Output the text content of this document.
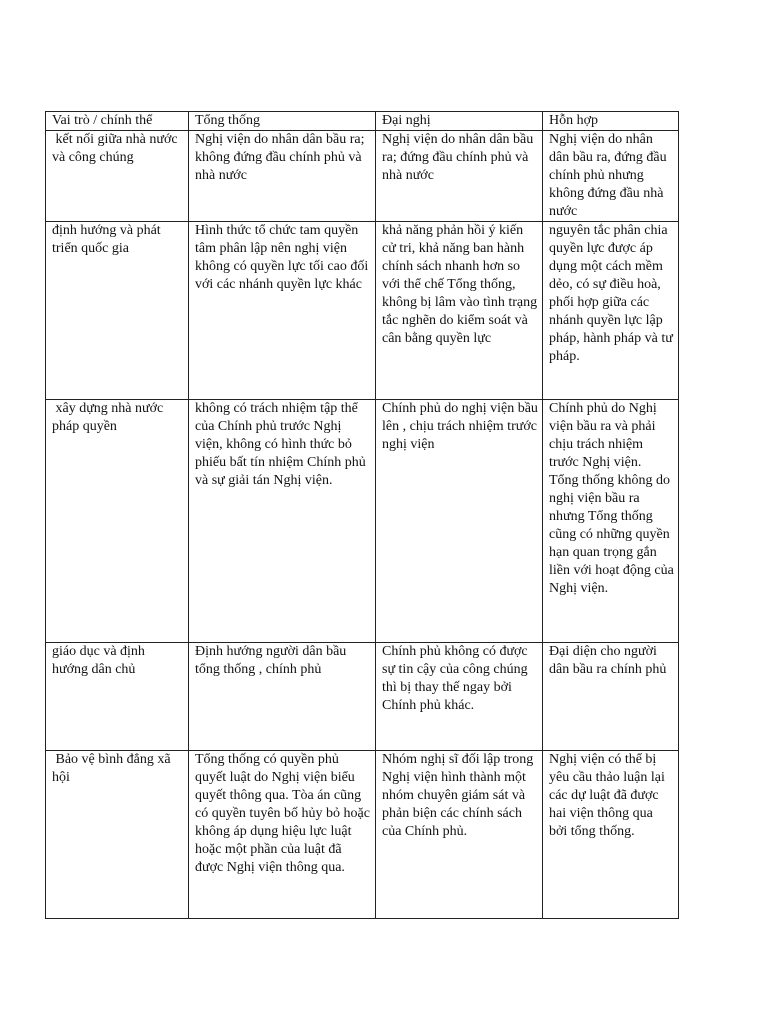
Vai trò / chính thể	Tổng thống	Đại nghị	Hỗn hợp

kết nối giữa nhà nước và công chúng	Nghị viện do nhân dân bầu ra; không đứng đầu chính phủ và nhà nước	Nghị viện do nhân dân bầu ra; đứng đầu chính phủ và nhà nước	Nghị viện do nhân dân bầu ra, đứng đầu chính phủ nhưng không đứng đầu nhà nước

định hướng và phát triển quốc gia	Hình thức tổ chức tam quyền tâm phân lập nên nghị viện không có quyền lực tối cao đối với các nhánh quyền lực khác	khả năng phản hồi ý kiến cử tri, khả năng ban hành chính sách nhanh hơn so với thể chế Tổng thống, không bị lâm vào tình trạng tắc nghẽn do kiểm soát và cân bằng quyền lực	nguyên tắc phân chia quyền lực được áp dụng một cách mềm dẻo, có sự điều hoà, phối hợp giữa các nhánh quyền lực lập pháp, hành pháp và tư pháp.

xây dựng nhà nước pháp quyền	không có trách nhiệm tập thể của Chính phủ trước Nghị viện, không có hình thức bỏ phiếu bất tín nhiệm Chính phủ và sự giải tán Nghị viện.	Chính phủ do nghị viện bầu lên , chịu trách nhiệm trước nghị viện	Chính phủ do Nghị viện bầu ra và phải chịu trách nhiệm trước Nghị viện. Tổng thống không do nghị viện bầu ra nhưng Tổng thống cũng có những quyền hạn quan trọng gắn liền với hoạt động của Nghị viện.

giáo dục và định hướng dân chủ	Định hướng người dân bầu tổng thống , chính phủ	Chính phủ không có được sự tin cậy của công chúng thì bị thay thế ngay bởi Chính phủ khác.	Đại diện cho người dân bầu ra chính phủ

Bảo vệ bình đẳng xã hội	Tổng thống có quyền phủ quyết luật do Nghị viện biểu quyết thông qua. Tòa án cũng có quyền tuyên bố hủy bỏ hoặc không áp dụng hiệu lực luật hoặc một phần của luật đã được Nghị viện thông qua.	Nhóm nghị sĩ đối lập trong Nghị viện hình thành một nhóm chuyên giám sát và phản biện các chính sách của Chính phủ.	Nghị viện có thể bị yêu cầu thảo luận lại các dự luật đã được hai viện thông qua bởi tổng thống.
